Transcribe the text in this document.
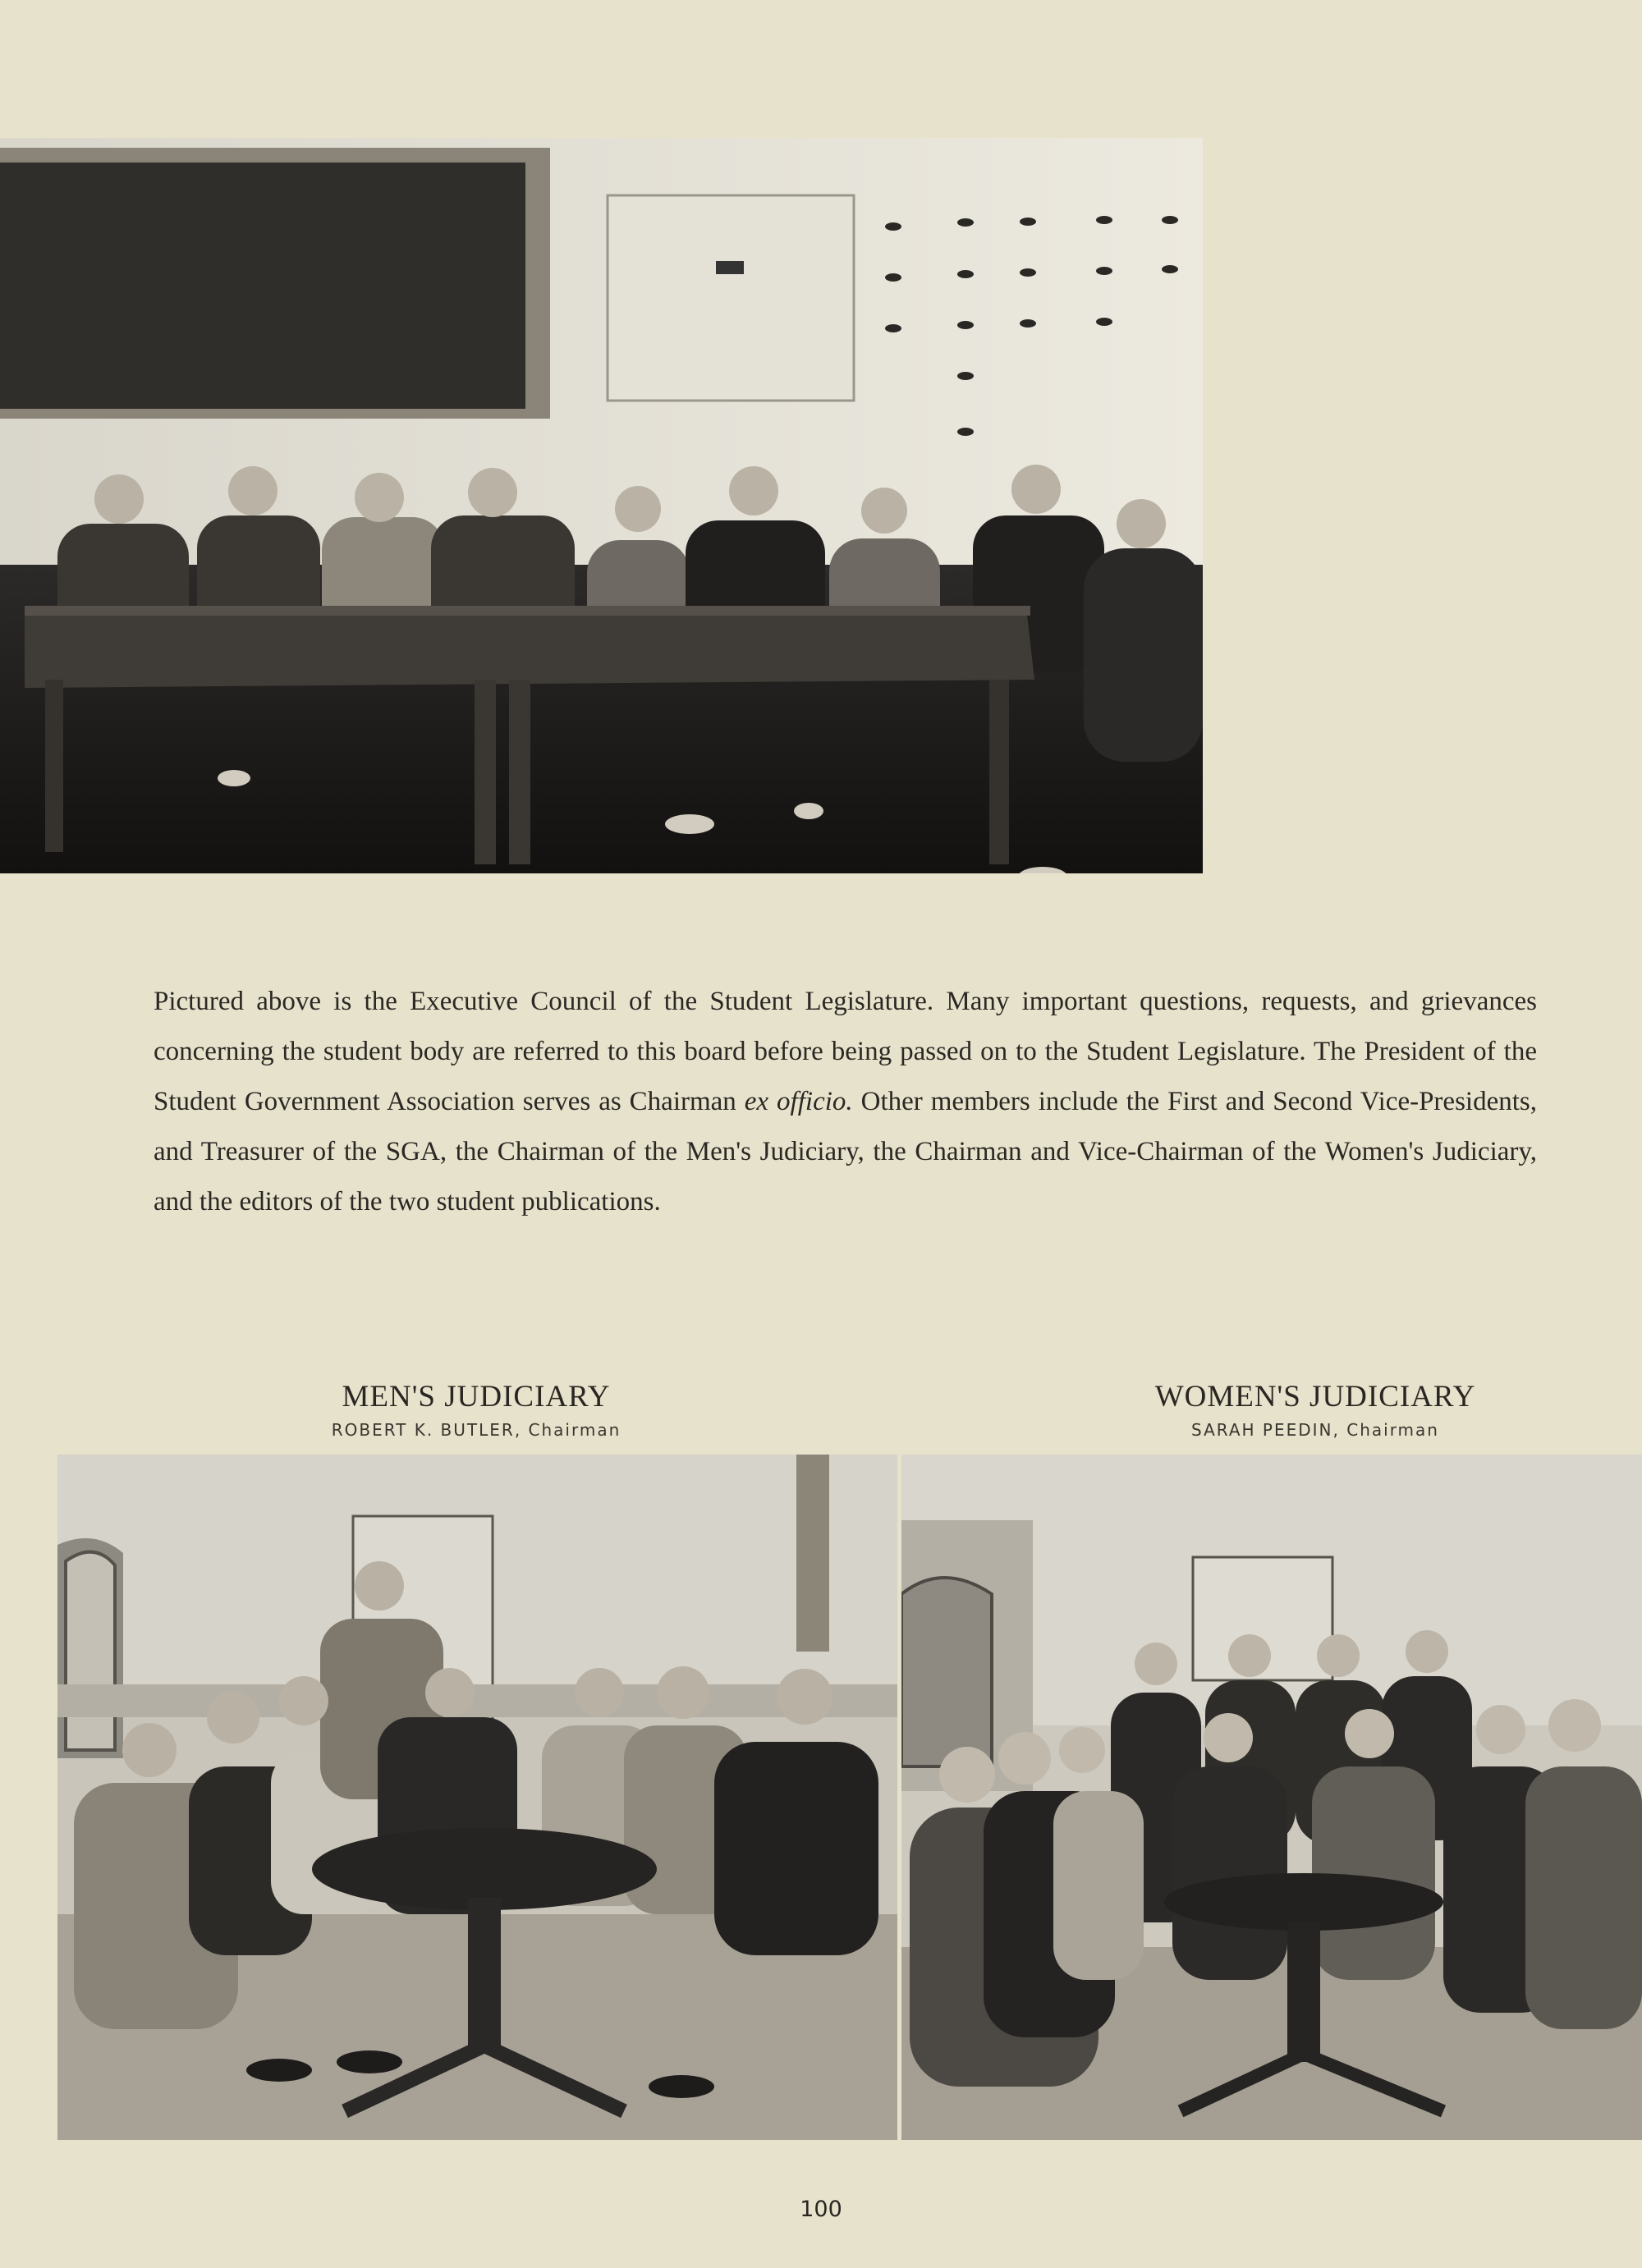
Pictured above is the Executive Council of the Student Legislature. Many important questions, requests, and grievances concerning the student body are referred to this board before being passed on to the Student Legislature. The President of the Student Government Association serves as Chairman ex officio. Other members include the First and Second Vice-Presidents, and Treasurer of the SGA, the Chairman of the Men's Judiciary, the Chairman and Vice-Chairman of the Women's Judiciary, and the editors of the two student publications.

MEN'S JUDICIARY
ROBERT K. BUTLER, Chairman
WOMEN'S JUDICIARY
SARAH PEEDIN, Chairman
100
